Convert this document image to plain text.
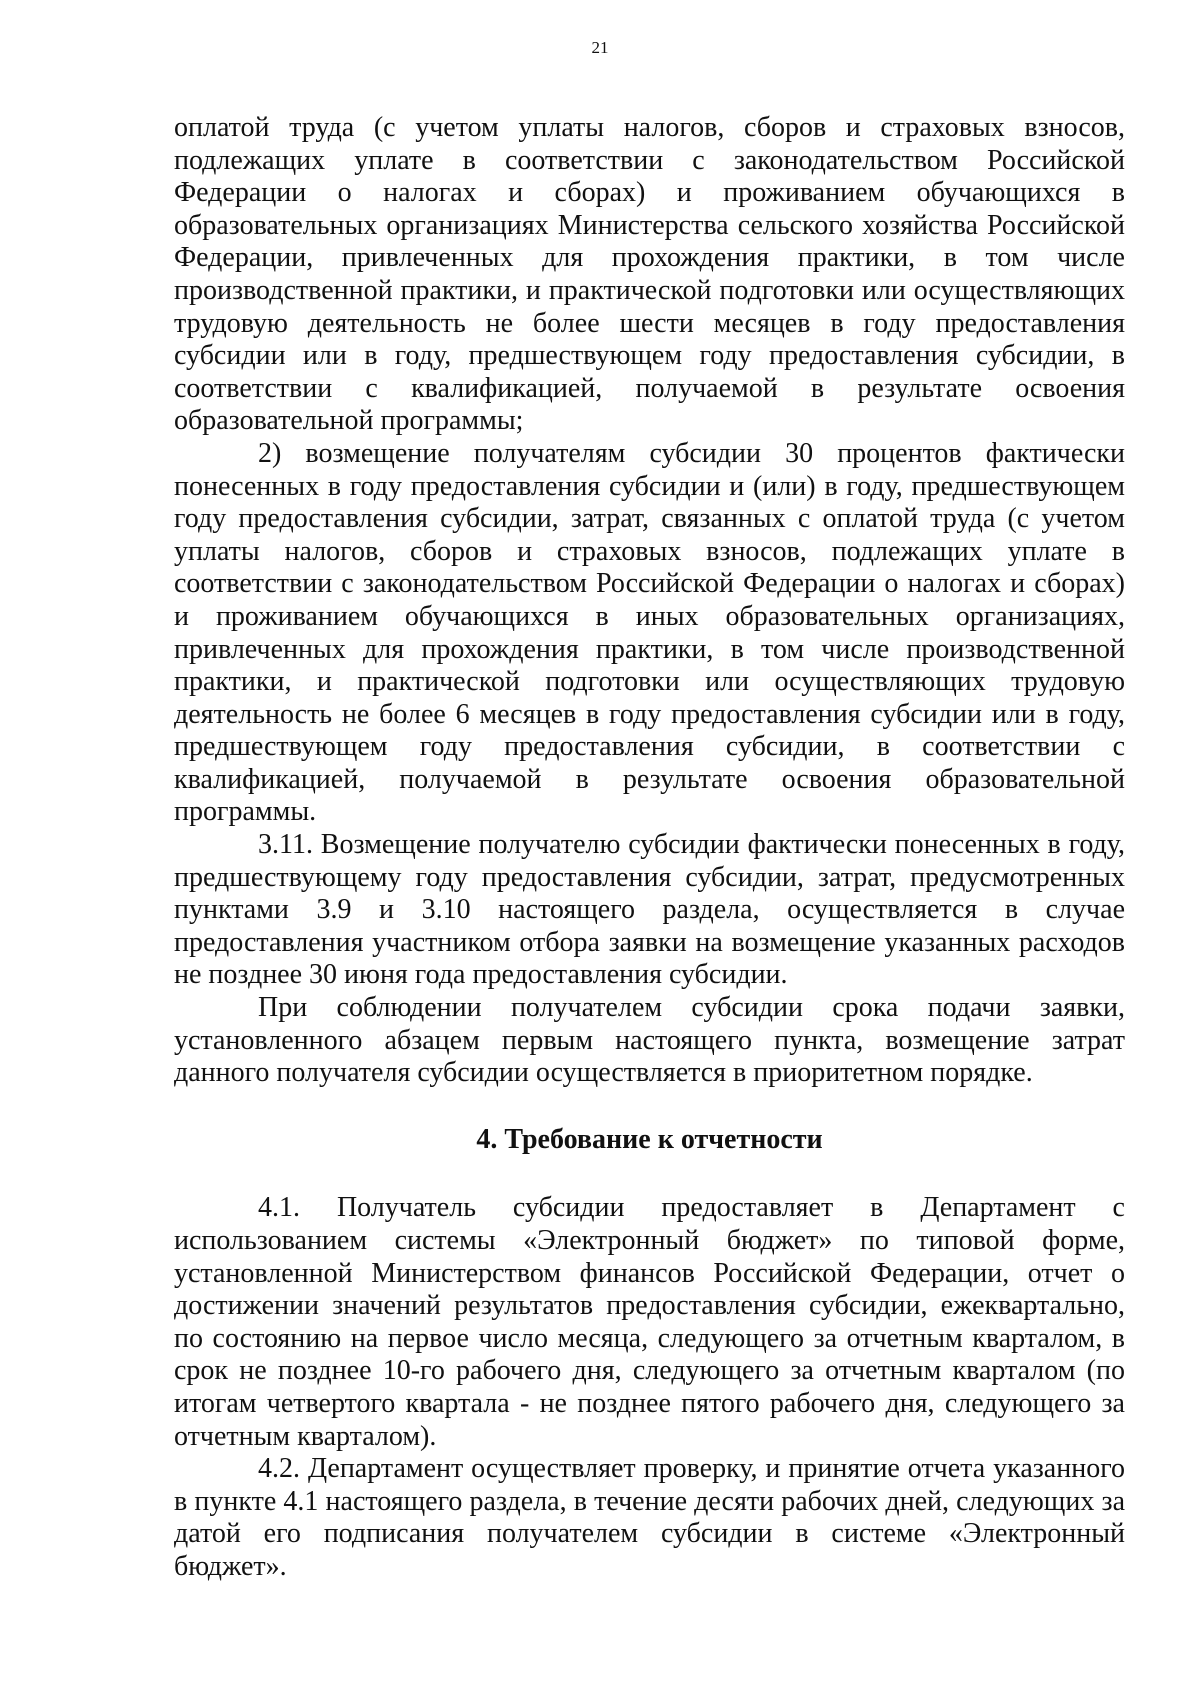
21

оплатой труда (с учетом уплаты налогов, сборов и страховых взносов, подлежащих уплате в соответствии с законодательством Российской Федерации о налогах и сборах) и проживанием обучающихся в образовательных организациях Министерства сельского хозяйства Российской Федерации, привлеченных для прохождения практики, в том числе производственной практики, и практической подготовки или осуществляющих трудовую деятельность не более шести месяцев в году предоставления субсидии или в году, предшествующем году предоставления субсидии, в соответствии с квалификацией, получаемой в результате освоения образовательной программы;

2) возмещение получателям субсидии 30 процентов фактически понесенных в году предоставления субсидии и (или) в году, предшествующем году предоставления субсидии, затрат, связанных с оплатой труда (с учетом уплаты налогов, сборов и страховых взносов, подлежащих уплате в соответствии с законодательством Российской Федерации о налогах и сборах) и проживанием обучающихся в иных образовательных организациях, привлеченных для прохождения практики, в том числе производственной практики, и практической подготовки или осуществляющих трудовую деятельность не более 6 месяцев в году предоставления субсидии или в году, предшествующем году предоставления субсидии, в соответствии с квалификацией, получаемой в результате освоения образовательной программы.

3.11. Возмещение получателю субсидии фактически понесенных в году, предшествующему году предоставления субсидии, затрат, предусмотренных пунктами 3.9 и 3.10 настоящего раздела, осуществляется в случае предоставления участником отбора заявки на возмещение указанных расходов не позднее 30 июня года предоставления субсидии.

При соблюдении получателем субсидии срока подачи заявки, установленного абзацем первым настоящего пункта, возмещение затрат данного получателя субсидии осуществляется в приоритетном порядке.

4. Требование к отчетности

4.1. Получатель субсидии предоставляет в Департамент с использованием системы «Электронный бюджет» по типовой форме, установленной Министерством финансов Российской Федерации, отчет о достижении значений результатов предоставления субсидии, ежеквартально, по состоянию на первое число месяца, следующего за отчетным кварталом, в срок не позднее 10-го рабочего дня, следующего за отчетным кварталом (по итогам четвертого квартала - не позднее пятого рабочего дня, следующего за отчетным кварталом).

4.2. Департамент осуществляет проверку, и принятие отчета указанного в пункте 4.1 настоящего раздела, в течение десяти рабочих дней, следующих за датой его подписания получателем субсидии в системе «Электронный бюджет».
